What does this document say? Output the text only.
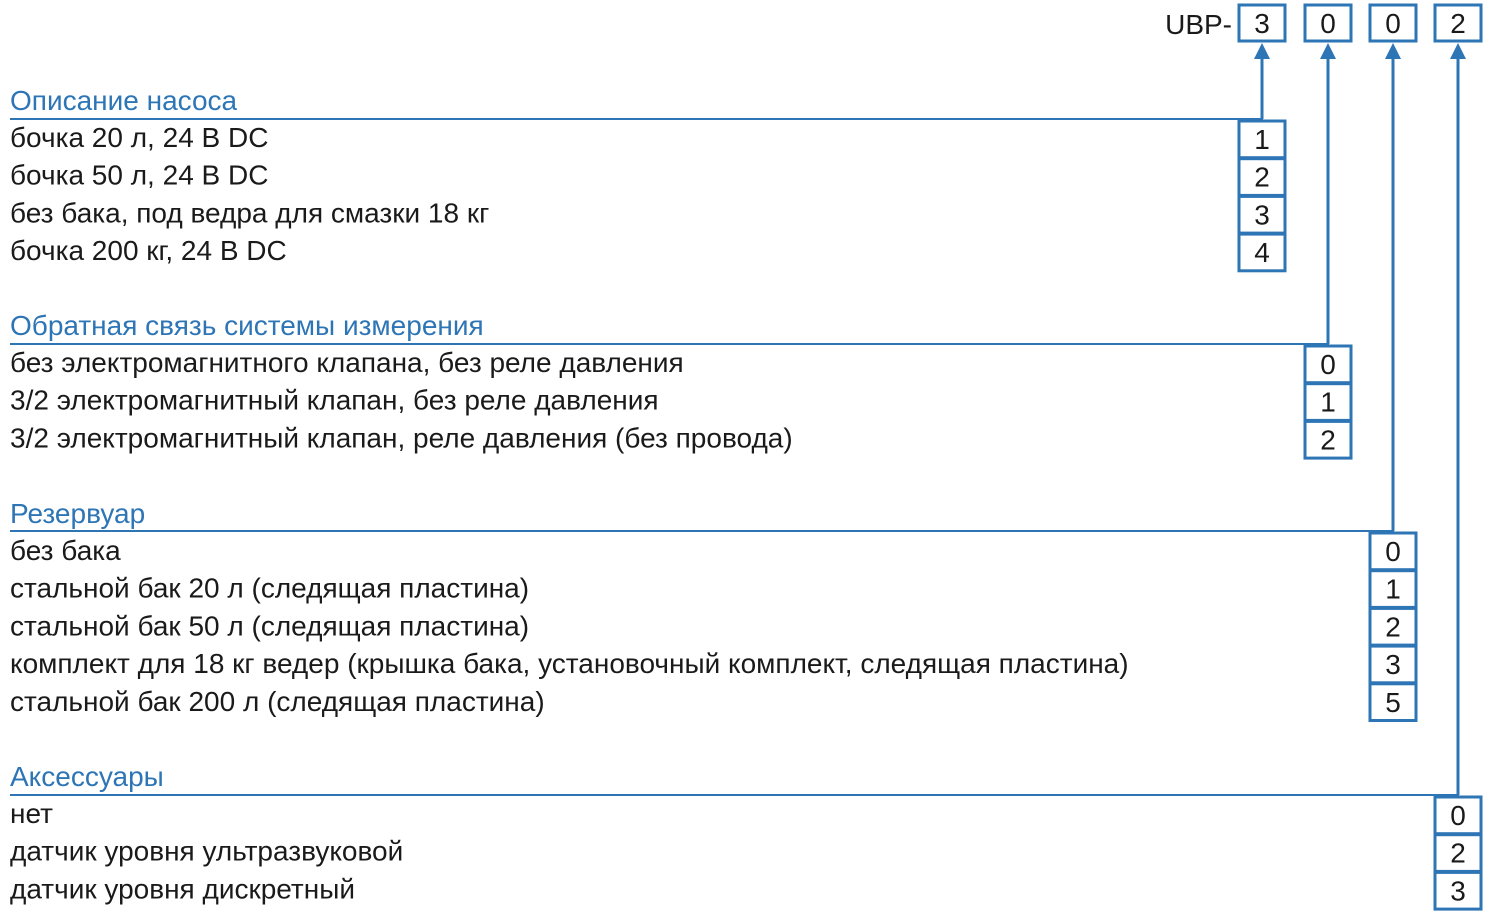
UBP- 3 0 0 2
Описание насоса
бочка 20 л, 24 В DC	1
бочка 50 л, 24 В DC	2
без бака, под ведра для смазки 18 кг	3
бочка 200 кг, 24 В DC	4
Обратная связь системы измерения
без электромагнитного клапана, без реле давления	0
3/2 электромагнитный клапан, без реле давления	1
3/2 электромагнитный клапан, реле давления (без провода)	2
Резервуар
без бака	0
стальной бак 20 л (следящая пластина)	1
стальной бак 50 л (следящая пластина)	2
комплект для 18 кг ведер (крышка бака, установочный комплект, следящая пластина)	3
стальной бак 200 л (следящая пластина)	5
Аксессуары
нет	0
датчик уровня ультразвуковой	2
датчик уровня дискретный	3
